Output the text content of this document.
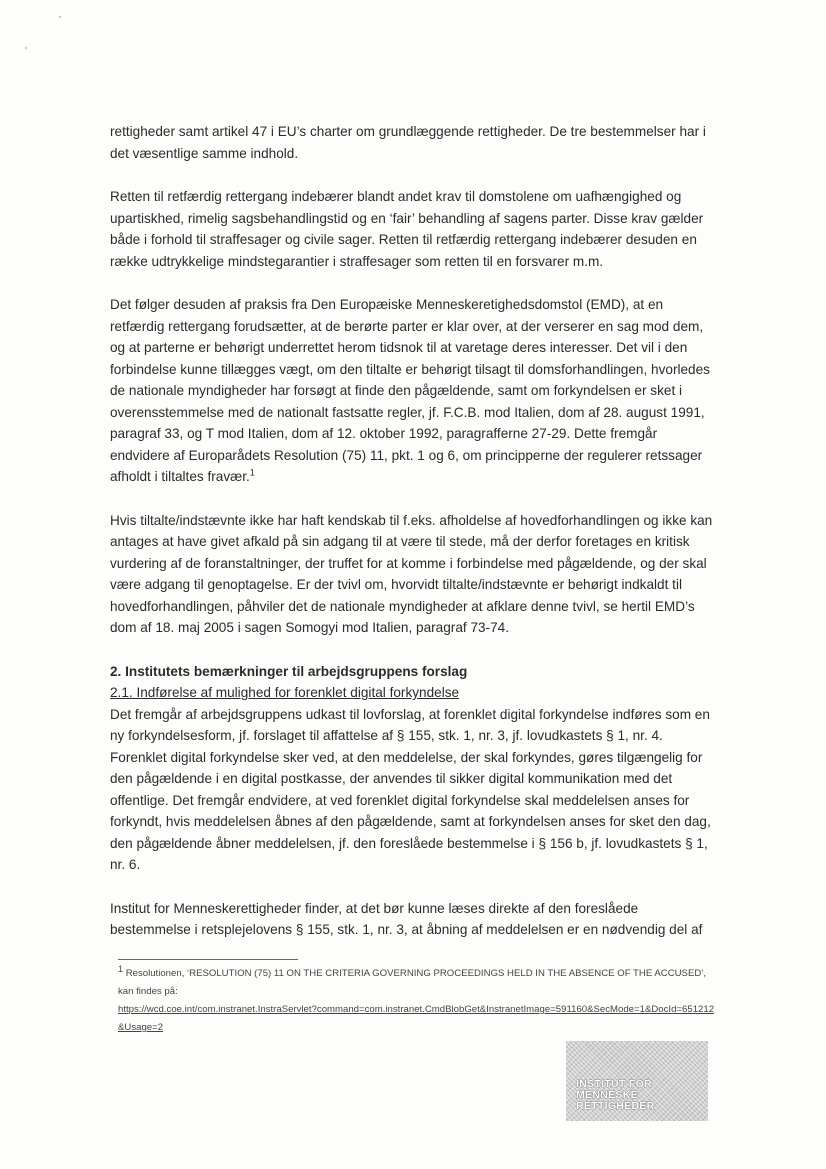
rettigheder samt artikel 47 i EU’s charter om grundlæggende rettigheder. De tre bestemmelser har i det væsentlige samme indhold.

Retten til retfærdig rettergang indebærer blandt andet krav til domstolene om uafhængighed og upartiskhed, rimelig sagsbehandlingstid og en ‘fair’ behandling af sagens parter. Disse krav gælder både i forhold til straffesager og civile sager. Retten til retfærdig rettergang indebærer desuden en række udtrykkelige mindstegarantier i straffesager som retten til en forsvarer m.m.

Det følger desuden af praksis fra Den Europæiske Menneskeretighedsdomstol (EMD), at en retfærdig rettergang forudsætter, at de berørte parter er klar over, at der verserer en sag mod dem, og at parterne er behørigt underrettet herom tidsnok til at varetage deres interesser. Det vil i den forbindelse kunne tillægges vægt, om den tiltalte er behørigt tilsagt til domsforhandlingen, hvorledes de nationale myndigheder har forsøgt at finde den pågældende, samt om forkyndelsen er sket i overensstemmelse med de nationalt fastsatte regler, jf. F.C.B. mod Italien, dom af 28. august 1991, paragraf 33, og T mod Italien, dom af 12. oktober 1992, paragrafferne 27-29. Dette fremgår endvidere af Europarådets Resolution (75) 11, pkt. 1 og 6, om principperne der regulerer retssager afholdt i tiltaltes fravær.$^1$

Hvis tiltalte/indstævnte ikke har haft kendskab til f.eks. afholdelse af hovedforhandlingen og ikke kan antages at have givet afkald på sin adgang til at være til stede, må der derfor foretages en kritisk vurdering af de foranstaltninger, der truffet for at komme i forbindelse med pågældende, og der skal være adgang til genoptagelse. Er der tvivl om, hvorvidt tiltalte/indstævnte er behørigt indkaldt til hovedforhandlingen, påhviler det de nationale myndigheder at afklare denne tvivl, se hertil EMD’s dom af 18. maj 2005 i sagen Somogyi mod Italien, paragraf 73-74.

2. Institutets bemærkninger til arbejdsgruppens forslag
2.1. Indførelse af mulighed for forenklet digital forkyndelse

Det fremgår af arbejdsgruppens udkast til lovforslag, at forenklet digital forkyndelse indføres som en ny forkyndelsesform, jf. forslaget til affattelse af § 155, stk. 1, nr. 3, jf. lovudkastets § 1, nr. 4. Forenklet digital forkyndelse sker ved, at den meddelelse, der skal forkyndes, gøres tilgængelig for den pågældende i en digital postkasse, der anvendes til sikker digital kommunikation med det offentlige. Det fremgår endvidere, at ved forenklet digital forkyndelse skal meddelelsen anses for forkyndt, hvis meddelelsen åbnes af den pågældende, samt at forkyndelsen anses for sket den dag, den pågældende åbner meddelelsen, jf. den foreslåede bestemmelse i § 156 b, jf. lovudkastets § 1, nr. 6.

Institut for Menneskerettigheder finder, at det bør kunne læses direkte af den foreslåede bestemmelse i retsplejelovens § 155, stk. 1, nr. 3, at åbning af meddelelsen er en nødvendig del af

$^1$ Resolutionen, ‘RESOLUTION (75) 11 ON THE CRITERIA GOVERNING PROCEEDINGS HELD IN THE ABSENCE OF THE ACCUSED’, kan findes på:
https://wcd.coe.int/com.instranet.InstraServlet?command=com.instranet.CmdBlobGet&InstranetImage=591160&SecMode=1&DocId=651212&Usage=2
INSTITUT FOR
MENNESKE
RETTIGHEDER
